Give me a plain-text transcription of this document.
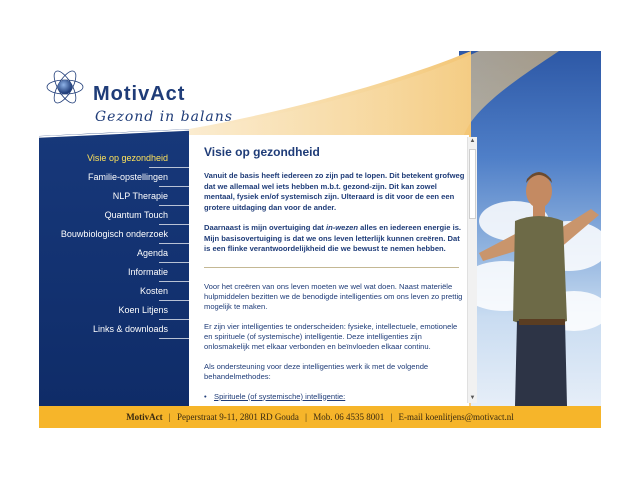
MotivAct
Gezond in balans
Visie op gezondheid
Familie-opstellingen
NLP Therapie
Quantum Touch
Bouwbiologisch onderzoek
Agenda
Informatie
Kosten
Koen Litjens
Links & downloads
Visie op gezondheid

Vanuit de basis heeft iedereen zo zijn pad te lopen. Dit betekent grofweg dat we allemaal wel iets hebben m.b.t. gezond-zijn. Dit kan zowel mentaal, fysiek en/of systemisch zijn. Ulteraard is dit voor de een een grotere uitdaging dan voor de ander.

Daarnaast is mijn overtuiging dat in-wezen alles en iedereen energie is. Mijn basisovertuiging is dat we ons leven letterlijk kunnen creëren. Dat is een flinke verantwoordelijkheid die we bewust te nemen hebben.

Voor het creëren van ons leven moeten we wel wat doen. Naast materiële hulpmiddelen bezitten we de benodigde intelligenties om ons leven zo prettig mogelijk te maken.

Er zijn vier intelligenties te onderscheiden: fysieke, intellectuele, emotionele en spirituele (of systemische) intelligentie. Deze intelligenties zijn onlosmakelijk met elkaar verbonden en beïnvloeden elkaar continu.

Als ondersteuning voor deze intelligenties werk ik met de volgende behandelmethodes:

• Spirituele (of systemische) intelligentie:
▲
▼
MotivAct | Peperstraat 9-11, 2801 RD Gouda | Mob. 06 4535 8001 | E-mail koenlitjens@motivact.nl
